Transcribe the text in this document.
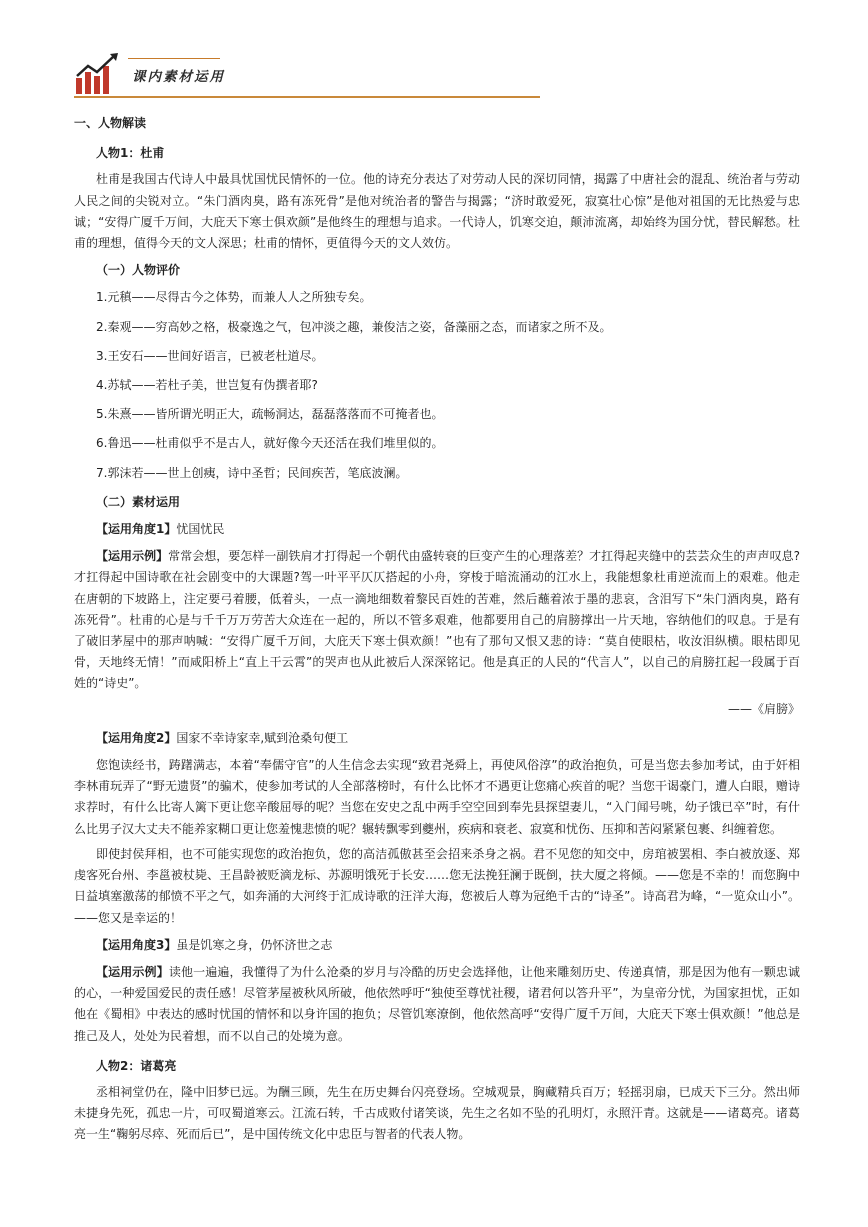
课内素材运用

一、人物解读

人物1：杜甫

杜甫是我国古代诗人中最具忧国忧民情怀的一位。他的诗充分表达了对劳动人民的深切同情，揭露了中唐社会的混乱、统治者与劳动人民之间的尖锐对立。“朱门酒肉臭，路有冻死骨”是他对统治者的警告与揭露；“济时敢爱死，寂寞壮心惊”是他对祖国的无比热爱与忠诚；“安得广厦千万间，大庇天下寒士俱欢颜”是他终生的理想与追求。一代诗人，饥寒交迫，颠沛流离，却始终为国分忧，替民解愁。杜甫的理想，值得今天的文人深思；杜甫的情怀，更值得今天的文人效仿。

（一）人物评价

1.元稹——尽得古今之体势，而兼人人之所独专矣。

2.秦观——穷高妙之格，极豪逸之气，包冲淡之趣，兼俊洁之姿，备藻丽之态，而诸家之所不及。

3.王安石——世间好语言，已被老杜道尽。

4.苏轼——若杜子美，世岂复有伪撰者耶?

5.朱熹——皆所谓光明正大，疏畅洞达，磊磊落落而不可掩者也。

6.鲁迅——杜甫似乎不是古人，就好像今天还活在我们堆里似的。

7.郭沫若——世上创痍，诗中圣哲；民间疾苦，笔底波澜。

（二）素材运用

【运用角度1】忧国忧民

【运用示例】常常会想，要怎样一副铁肩才打得起一个朝代由盛转衰的巨变产生的心理落差？才扛得起夹缝中的芸芸众生的声声叹息?才扛得起中国诗歌在社会剧变中的大课题?驾一叶平平仄仄搭起的小舟，穿梭于暗流涌动的江水上，我能想象杜甫逆流而上的艰难。他走在唐朝的下坡路上，注定要弓着腰，低着头，一点一滴地细数着黎民百姓的苦难，然后蘸着浓于墨的悲哀，含泪写下“朱门酒肉臭，路有冻死骨”。杜甫的心是与千千万万劳苦大众连在一起的，所以不管多艰难，他都要用自己的肩膀撑出一片天地，容纳他们的叹息。于是有了破旧茅屋中的那声呐喊：“安得广厦千万间，大庇天下寒士俱欢颜！”也有了那句又恨又悲的诗：“莫自使眼枯，收汝泪纵横。眼枯即见骨，天地终无情！”而咸阳桥上“直上干云霄”的哭声也从此被后人深深铭记。他是真正的人民的“代言人”，以自己的肩膀扛起一段属于百姓的“诗史”。

——《肩膀》

【运用角度2】国家不幸诗家幸,赋到沧桑句便工

您饱读经书，踌躇满志，本着“奉儒守官”的人生信念去实现“致君尧舜上，再使风俗淳”的政治抱负，可是当您去参加考试，由于奸相李林甫玩弄了“野无遗贤”的骗术，使参加考试的人全部落榜时，有什么比怀才不遇更让您痛心疾首的呢？当您干谒豪门，遭人白眼，赠诗求荐时，有什么比寄人篱下更让您辛酸屈辱的呢？当您在安史之乱中两手空空回到奉先县探望妻儿，“入门闻号咷，幼子饿已卒”时，有什么比男子汉大丈夫不能养家糊口更让您羞愧悲愤的呢？辗转飘零到夔州，疾病和衰老、寂寞和忧伤、压抑和苦闷紧紧包裹、纠缠着您。

即使封侯拜相，也不可能实现您的政治抱负，您的高洁孤傲甚至会招来杀身之祸。君不见您的知交中，房琯被罢相、李白被放逐、郑虔客死台州、李邕被杖毙、王昌龄被贬滴龙标、苏源明饿死于长安……您无法挽狂澜于既倒，扶大厦之将倾。——您是不幸的！而您胸中日益填塞激荡的郁愤不平之气，如奔涌的大河终于汇成诗歌的汪洋大海，您被后人尊为冠绝千古的“诗圣”。诗高君为峰，“一览众山小”。——您又是幸运的！

【运用角度3】虽是饥寒之身，仍怀济世之志

【运用示例】读他一遍遍，我懂得了为什么沧桑的岁月与冷酷的历史会选择他，让他来雕刻历史、传递真情，那是因为他有一颗忠诚的心，一种爱国爱民的责任感！尽管茅屋被秋风所破，他依然呼吁“独使至尊忧社稷，诸君何以答升平”，为皇帝分忧，为国家担忧，正如他在《蜀相》中表达的感时忧国的情怀和以身许国的抱负；尽管饥寒潦倒，他依然高呼“安得广厦千万间，大庇天下寒士俱欢颜！”他总是推己及人，处处为民着想，而不以自己的处境为意。

人物2：诸葛亮

丞相祠堂仍在，隆中旧梦已远。为酬三顾，先生在历史舞台闪亮登场。空城观景，胸藏精兵百万；轻摇羽扇，已成天下三分。然出师未捷身先死，孤忠一片，可叹蜀道寒云。江流石转，千古成败付诸笑谈，先生之名如不坠的孔明灯，永照汗青。这就是——诸葛亮。诸葛亮一生“鞠躬尽瘁、死而后已”，是中国传统文化中忠臣与智者的代表人物。
